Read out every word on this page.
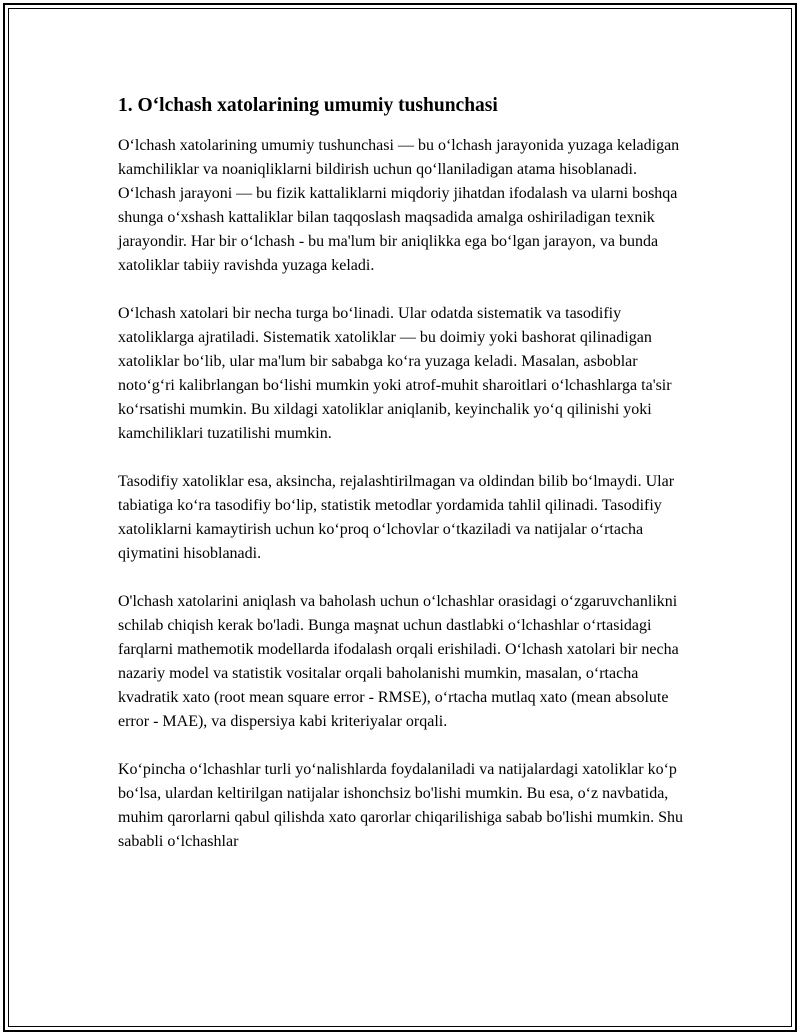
1. O‘lchash xatolarining umumiy tushunchasi

O‘lchash xatolarining umumiy tushunchasi — bu o‘lchash jarayonida yuzaga keladigan kamchiliklar va noaniqliklarni bildirish uchun qo‘llaniladigan atama hisoblanadi. O‘lchash jarayoni — bu fizik kattaliklarni miqdoriy jihatdan ifodalash va ularni boshqa shunga o‘xshash kattaliklar bilan taqqoslash maqsadida amalga oshiriladigan texnik jarayondir. Har bir o‘lchash - bu ma'lum bir aniqlikka ega bo‘lgan jarayon, va bunda xatoliklar tabiiy ravishda yuzaga keladi.

O‘lchash xatolari bir necha turga bo‘linadi. Ular odatda sistematik va tasodifiy xatoliklarga ajratiladi. Sistematik xatoliklar — bu doimiy yoki bashorat qilinadigan xatoliklar bo‘lib, ular ma'lum bir sababga ko‘ra yuzaga keladi. Masalan, asboblar noto‘g‘ri kalibrlangan bo‘lishi mumkin yoki atrof-muhit sharoitlari o‘lchashlarga ta'sir ko‘rsatishi mumkin. Bu xildagi xatoliklar aniqlanib, keyinchalik yo‘q qilinishi yoki kamchiliklari tuzatilishi mumkin.

Tasodifiy xatoliklar esa, aksincha, rejalashtirilmagan va oldindan bilib bo‘lmaydi. Ular tabiatiga ko‘ra tasodifiy bo‘lip, statistik metodlar yordamida tahlil qilinadi. Tasodifiy xatoliklarni kamaytirish uchun ko‘proq o‘lchovlar o‘tkaziladi va natijalar o‘rtacha qiymatini hisoblanadi.

O'lchash xatolarini aniqlash va baholash uchun o‘lchashlar orasidagi o‘zgaruvchanlikni schilab chiqish kerak bo'ladi. Bunga maşnat uchun dastlabki o‘lchashlar o‘rtasidagi farqlarni mathemotik modellarda ifodalash orqali erishiladi. O‘lchash xatolari bir necha nazariy model va statistik vositalar orqali baholanishi mumkin, masalan, o‘rtacha kvadratik xato (root mean square error - RMSE), o‘rtacha mutlaq xato (mean absolute error - MAE), va dispersiya kabi kriteriyalar orqali.

Ko‘pincha o‘lchashlar turli yo‘nalishlarda foydalaniladi va natijalardagi xatoliklar ko‘p bo‘lsa, ulardan keltirilgan natijalar ishonchsiz bo'lishi mumkin. Bu esa, o‘z navbatida, muhim qarorlarni qabul qilishda xato qarorlar chiqarilishiga sabab bo'lishi mumkin. Shu sababli o‘lchashlar
